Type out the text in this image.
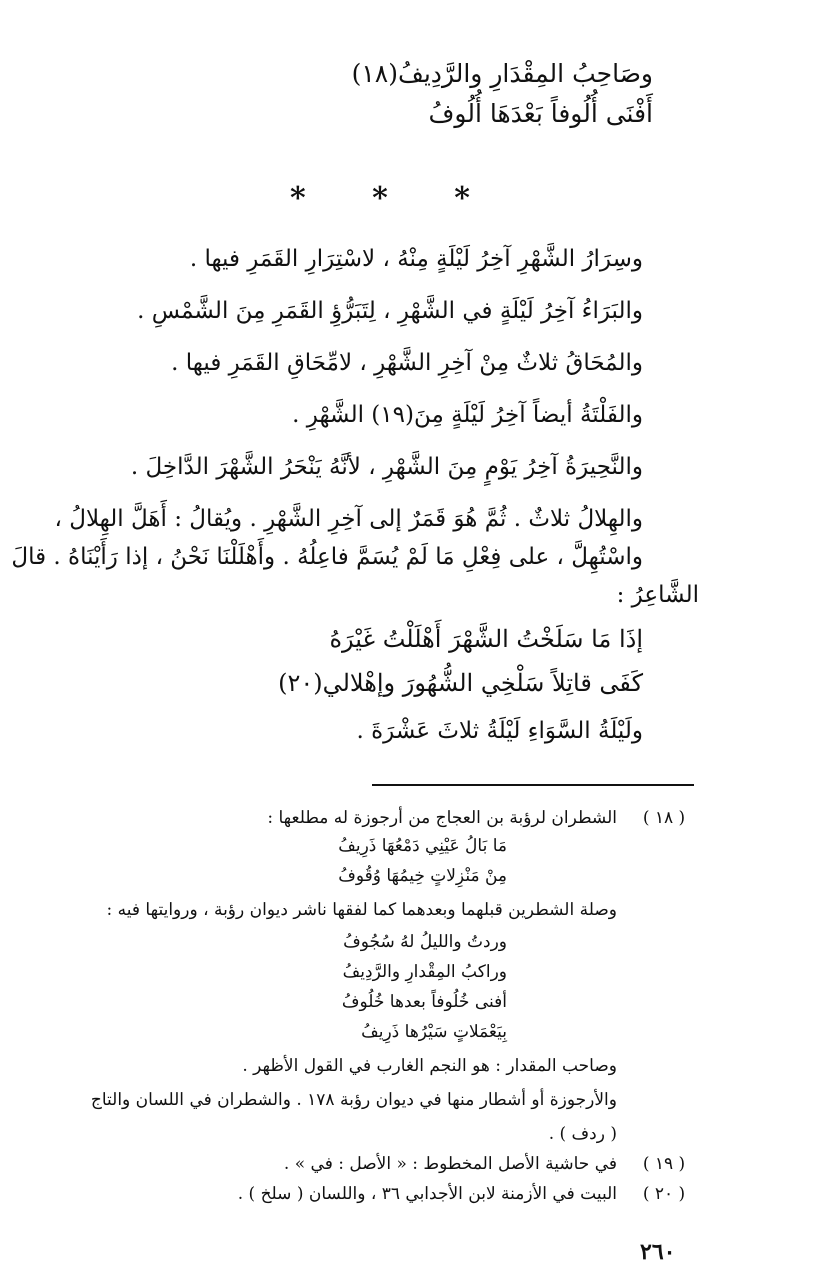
وصَاحِبُ المِقْدَارِ والرَّدِيفُ(١٨)
أَفْنَى أُلُوفاً بَعْدَهَا أُلُوفُ
* * *
وسِرَارُ الشَّهْرِ آخِرُ لَيْلَةٍ مِنْهُ ، لاسْتِرَارِ القَمَرِ فيها .
والبَرَاءُ آخِرُ لَيْلَةٍ في الشَّهْرِ ، لِتَبَرُّؤِ القَمَرِ مِنَ الشَّمْسِ .
والمُحَاقُ ثلاثٌ مِنْ آخِرِ الشَّهْرِ ، لامِّحَاقِ القَمَرِ فيها .
والفَلْتَةُ أيضاً آخِرُ لَيْلَةٍ مِنَ(١٩) الشَّهْرِ .
والنَّحِيرَةُ آخِرُ يَوْمٍ مِنَ الشَّهْرِ ، لأنَّهُ يَنْحَرُ الشَّهْرَ الدَّاخِلَ .
والهِلالُ ثلاثٌ . ثُمَّ هُوَ قَمَرٌ إلى آخِرِ الشَّهْرِ . ويُقالُ : أَهَلَّ الهِلالُ ،
واسْتُهِلَّ ، على فِعْلِ مَا لَمْ يُسَمَّ فاعِلُهُ . وأَهْلَلْنَا نَحْنُ ، إذا رَأَيْنَاهُ . قالَ
الشَّاعِرُ :
إذَا مَا سَلَخْتُ الشَّهْرَ أَهْلَلْتُ غَيْرَهُ
كَفَى قاتِلاً سَلْخِي الشُّهُورَ وإهْلالي(٢٠)
ولَيْلَةُ السَّوَاءِ لَيْلَةُ ثلاثَ عَشْرَةَ .
( ١٨ )
الشطران لرؤبة بن العجاج من أرجوزة له مطلعها :
مَا بَالُ عَيْنِي دَمْعُهَا ذَرِيفُ
مِنْ مَنْزِلاتٍ خِيمُهَا وُقُوفُ
وصلة الشطرين قبلهما وبعدهما كما لفقها ناشر ديوان رؤبة ، وروايتها فيه :
وردتُ والليلُ لهُ سُجُوفُ
وراكبُ المِقْدارِ والرَّدِيفُ
أفنى خُلُوفاً بعدها خُلُوفُ
بِيَعْمَلاتٍ سَيْرُها ذَرِيفُ
وصاحب المقدار : هو النجم الغارب في القول الأظهر .
والأرجوزة أو أشطار منها في ديوان رؤبة ١٧٨ . والشطران في اللسان والتاج
( ردف ) .
( ١٩ )
في حاشية الأصل المخطوط : « الأصل : في » .
( ٢٠ )
البيت في الأزمنة لابن الأجدابي ٣٦ ، واللسان ( سلخ ) .
٢٦٠
